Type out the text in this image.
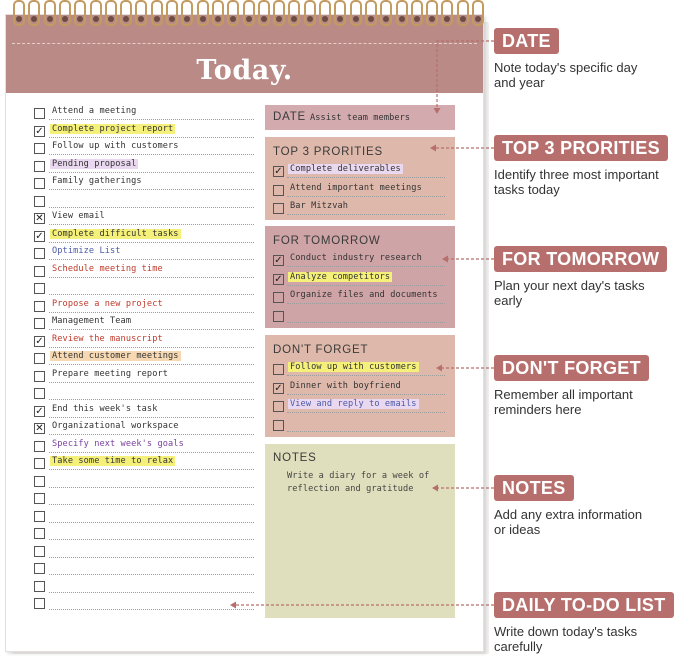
Today.
Attend a meeting
✓ Complete project report
Follow up with customers
Pending proposal
Family gatherings
✕ View email
✓ Complete difficult tasks
Optimize List
Schedule meeting time
Propose a new project
Management Team
✓ Review the manuscript
Attend customer meetings
Prepare meeting report
✓ End this week's task
✕ Organizational workspace
Specify next week's goals
Take some time to relax
DATE Assist team members
TOP 3 PRORITIES
✓ Complete deliverables
Attend important meetings
Bar Mitzvah
FOR TOMORROW
✓ Conduct industry research
✓ Analyze competitors
Organize files and documents
DON'T FORGET
Follow up with customers
✓ Dinner with boyfriend
View and reply to emails
NOTES
Write a diary for a week of
reflection and gratitude
DATE
Note today's specific day
and year
TOP 3 PRORITIES
Identify three most important
tasks today
FOR TOMORROW
Plan your next day's tasks
early
DON'T FORGET
Remember all important
reminders here
NOTES
Add any extra information
or ideas
DAILY TO-DO LIST
Write down today's tasks
carefully
